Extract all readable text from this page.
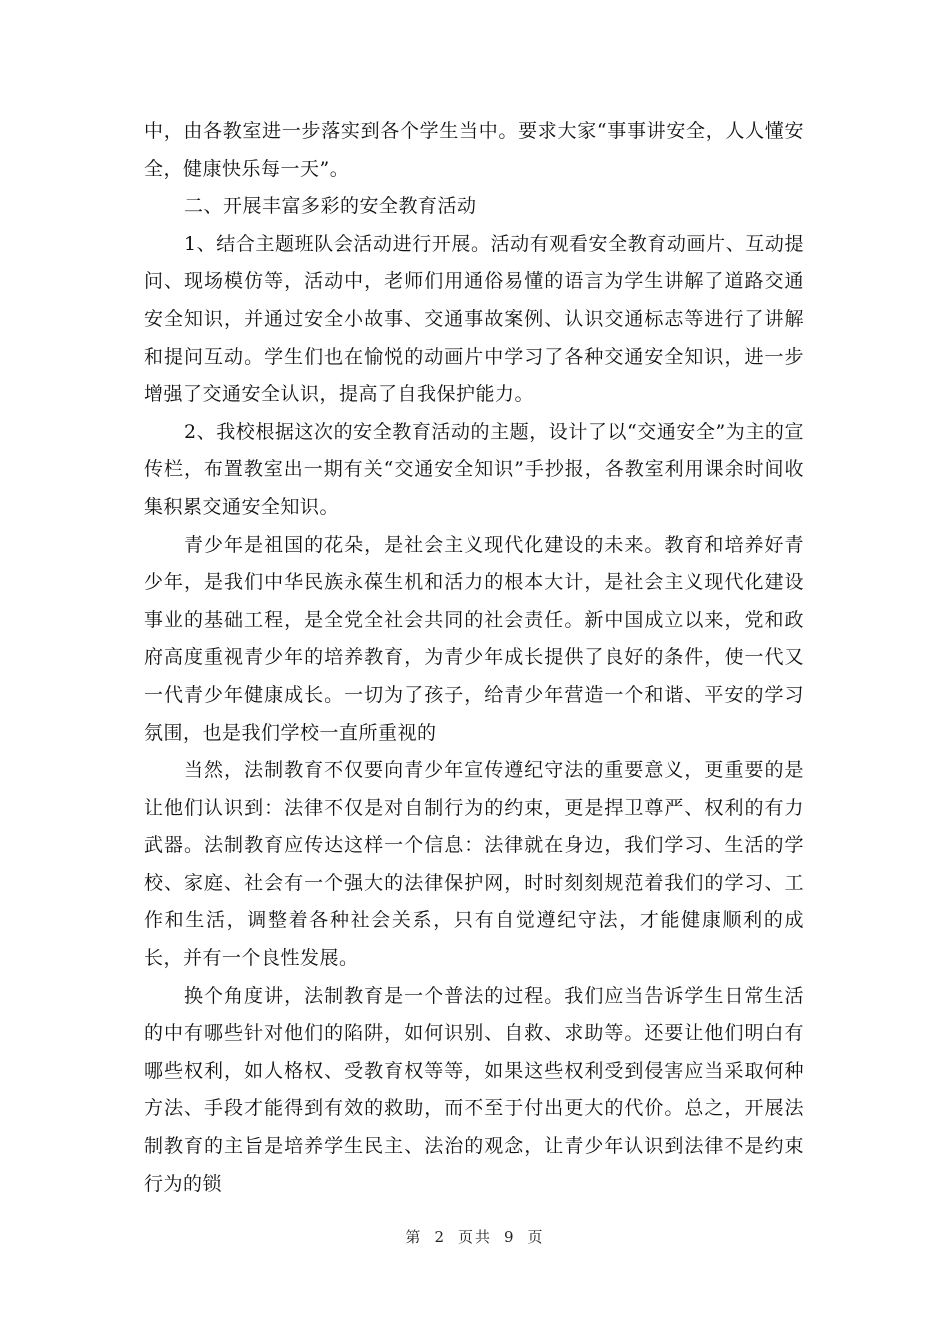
中，由各教室进一步落实到各个学生当中。要求大家“事事讲安全，人人懂安全，健康快乐每一天”。

二、开展丰富多彩的安全教育活动

1、结合主题班队会活动进行开展。活动有观看安全教育动画片、互动提问、现场模仿等，活动中，老师们用通俗易懂的语言为学生讲解了道路交通安全知识，并通过安全小故事、交通事故案例、认识交通标志等进行了讲解和提问互动。学生们也在愉悦的动画片中学习了各种交通安全知识，进一步增强了交通安全认识，提高了自我保护能力。

2、我校根据这次的安全教育活动的主题，设计了以“交通安全”为主的宣传栏，布置教室出一期有关“交通安全知识”手抄报，各教室利用课余时间收集积累交通安全知识。

青少年是祖国的花朵，是社会主义现代化建设的未来。教育和培养好青少年，是我们中华民族永葆生机和活力的根本大计，是社会主义现代化建设事业的基础工程，是全党全社会共同的社会责任。新中国成立以来，党和政府高度重视青少年的培养教育，为青少年成长提供了良好的条件，使一代又一代青少年健康成长。一切为了孩子，给青少年营造一个和谐、平安的学习氛围，也是我们学校一直所重视的

当然，法制教育不仅要向青少年宣传遵纪守法的重要意义，更重要的是让他们认识到：法律不仅是对自制行为的约束，更是捍卫尊严、权利的有力武器。法制教育应传达这样一个信息：法律就在身边，我们学习、生活的学校、家庭、社会有一个强大的法律保护网，时时刻刻规范着我们的学习、工作和生活，调整着各种社会关系，只有自觉遵纪守法，才能健康顺利的成长，并有一个良性发展。

换个角度讲，法制教育是一个普法的过程。我们应当告诉学生日常生活的中有哪些针对他们的陷阱，如何识别、自救、求助等。还要让他们明白有哪些权利，如人格权、受教育权等等，如果这些权利受到侵害应当采取何种方法、手段才能得到有效的救助，而不至于付出更大的代价。总之，开展法制教育的主旨是培养学生民主、法治的观念，让青少年认识到法律不是约束行为的锁

第 2 页共 9 页
